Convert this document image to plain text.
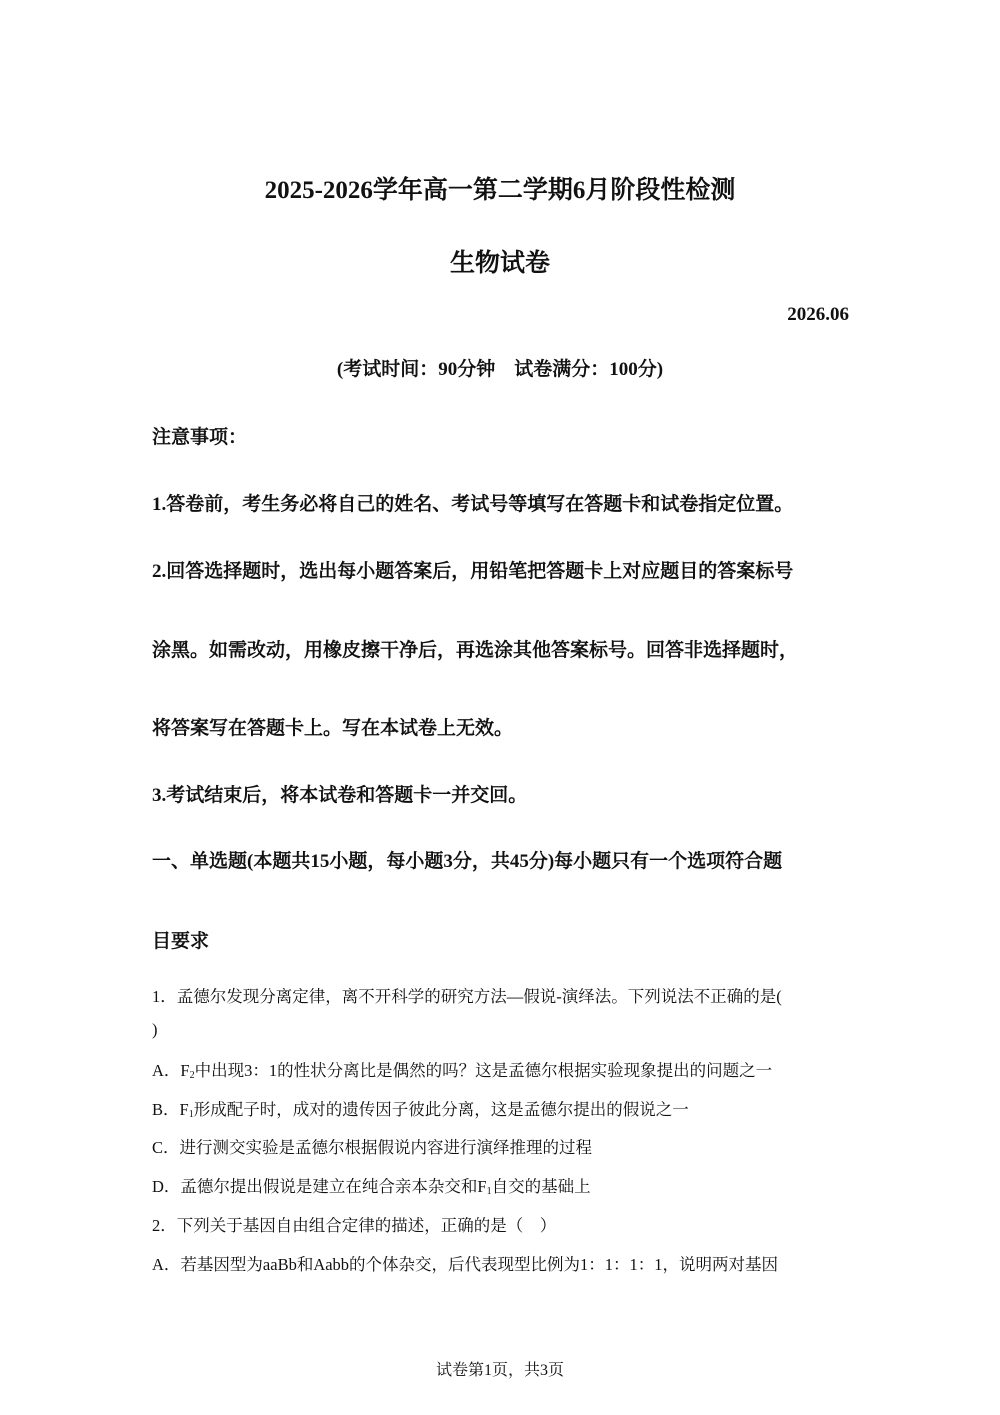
2025-2026学年高一第二学期6月阶段性检测
生物试卷
2026.06
(考试时间：90分钟　试卷满分：100分)
注意事项：
1.答卷前，考生务必将自己的姓名、考试号等填写在答题卡和试卷指定位置。
2.回答选择题时，选出每小题答案后，用铅笔把答题卡上对应题目的答案标号
涂黑。如需改动，用橡皮擦干净后，再选涂其他答案标号。回答非选择题时，
将答案写在答题卡上。写在本试卷上无效。
3.考试结束后，将本试卷和答题卡一并交回。
一、单选题(本题共15小题，每小题3分，共45分)每小题只有一个选项符合题
目要求
1．孟德尔发现分离定律，离不开科学的研究方法—假说-演绎法。下列说法不正确的是(
)
A．$F_2$中出现3：1的性状分离比是偶然的吗？这是孟德尔根据实验现象提出的问题之一
B．$F_1$形成配子时，成对的遗传因子彼此分离，这是孟德尔提出的假说之一
C．进行测交实验是孟德尔根据假说内容进行演绎推理的过程
D．孟德尔提出假说是建立在纯合亲本杂交和$F_1$自交的基础上
2．下列关于基因自由组合定律的描述，正确的是（　）
A．若基因型为aaBb和Aabb的个体杂交，后代表现型比例为1：1：1：1，说明两对基因
试卷第1页，共3页
